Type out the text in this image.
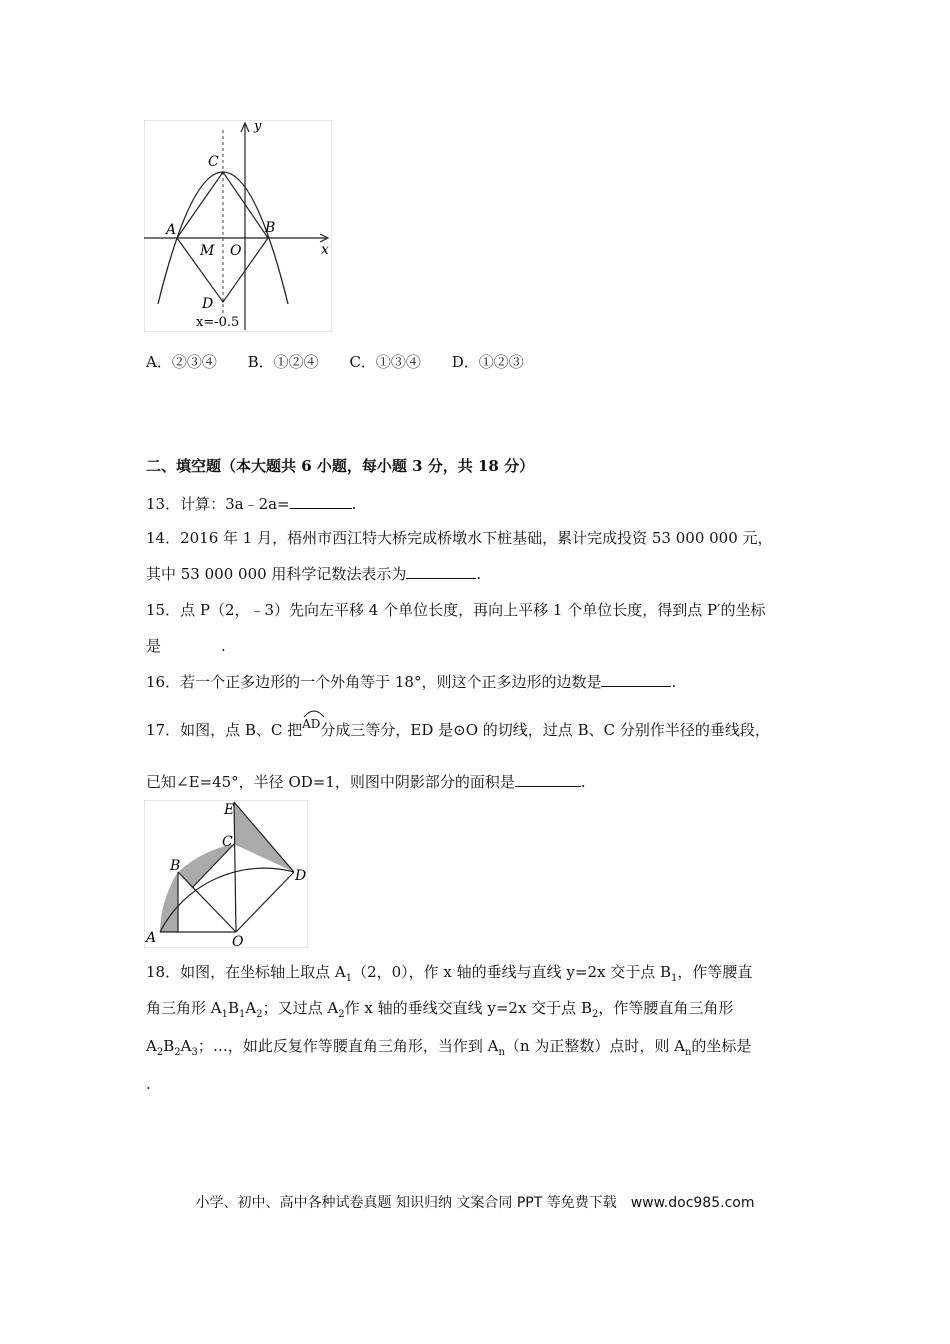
C
A	B
M O
D
y
x
x=-0.5
A．②③④ B．①②④ C．①③④ D．①②③
二、填空题（本大题共 6 小题，每小题 3 分，共 18 分）
13．计算：3a﹣2a=	.
14．2016 年 1 月，梧州市西江特大桥完成桥墩水下桩基础，累计完成投资 53 000 000 元，
其中 53 000 000 用科学记数法表示为	.
15．点 P（2，﹣3）先向左平移 4 个单位长度，再向上平移 1 个单位长度，得到点 P′的坐标
是　　　　.
16．若一个正多边形的一个外角等于 18°，则这个正多边形的边数是	.
17．如图，点 B、C 把
$^{AD}$分成三等分，ED 是⊙O 的切线，过点 B、C 分别作半径的垂线段，
已知∠E=45°，半径 OD=1，则图中阴影部分的面积是	.
E
C
B
D
A	O
18．如图，在坐标轴上取点 $A_1(2$，0），作 x 轴的垂线与直线 y=2x 交于点 $B_1$，作等腰直
角三角形 $A_1B_1A_2$；又过点 $A_2$作 x 轴的垂线交直线 y=2x 交于点 $B_2$，作等腰直角三角形
$A_2B_2A_3$；…，如此反复作等腰直角三角形，当作到 $A_n(n$ 为正整数）点时，则 $A_n$的坐标是
.
小学、初中、高中各种试卷真题 知识归纳 文案合同 PPT 等免费下载　www.doc985.com
